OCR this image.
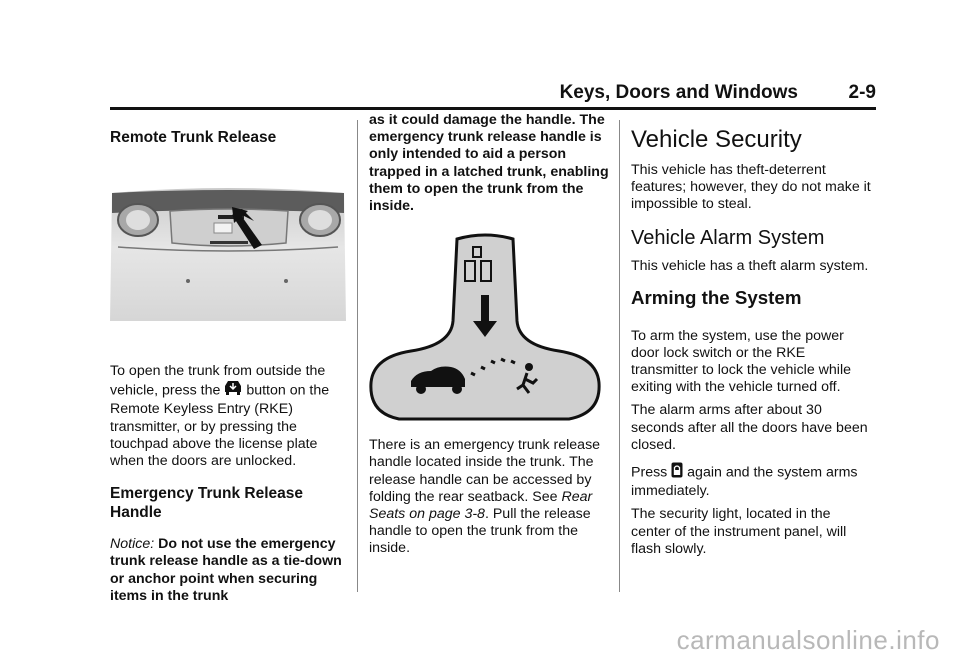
Keys, Doors and Windows	2-9
Remote Trunk Release

To open the trunk from outside the vehicle, press the button on the Remote Keyless Entry (RKE) transmitter, or by pressing the touchpad above the license plate when the doors are unlocked.

Emergency Trunk Release Handle

Notice: Do not use the emergency trunk release handle as a tie-down or anchor point when securing items in the trunk

as it could damage the handle. The emergency trunk release handle is only intended to aid a person trapped in a latched trunk, enabling them to open the trunk from the inside.

There is an emergency trunk release handle located inside the trunk. The release handle can be accessed by folding the rear seatback. See Rear Seats on page 3-8. Pull the release handle to open the trunk from the inside.

Vehicle Security

This vehicle has theft-deterrent features; however, they do not make it impossible to steal.

Vehicle Alarm System

This vehicle has a theft alarm system.

Arming the System

To arm the system, use the power door lock switch or the RKE transmitter to lock the vehicle while exiting with the vehicle turned off.

The alarm arms after about 30 seconds after all the doors have been closed.

Press again and the system arms immediately.

The security light, located in the center of the instrument panel, will flash slowly.

carmanualsonline.info
